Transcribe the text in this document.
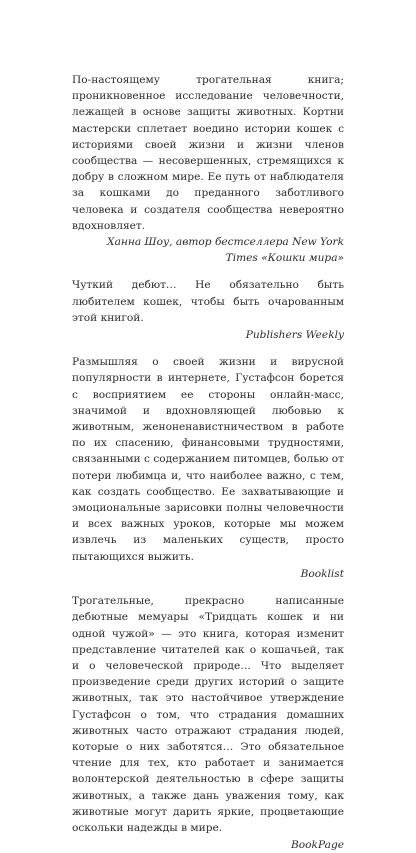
По-настоящему трогательная книга; проникновенное исследование человечности, лежащей в основе защиты животных. Кортни мастерски сплетает воедино истории кошек с историями своей жизни и жизни членов сообщества — несовершенных, стремящихся к добру в сложном мире. Ее путь от наблюдателя за кошками до преданного заботливого человека и создателя сообщества невероятно вдохновляет.

Ханна Шоу, автор бестселлера New York Times «Кошки мира»

Чуткий дебют… Не обязательно быть любителем кошек, чтобы быть очарованным этой книгой.

Publishers Weekly

Размышляя о своей жизни и вирусной популярности в интернете, Густафсон борется с восприятием ее стороны онлайн-масс, значимой и вдохновляющей любовью к животным, женоненавистничеством в работе по их спасению, финансовыми трудностями, связанными с содержанием питомцев, болью от потери любимца и, что наиболее важно, с тем, как создать сообщество. Ее захватывающие и эмоциональные зарисовки полны человечности и всех важных уроков, которые мы можем извлечь из маленьких существ, просто пытающихся выжить.

Booklist

Трогательные, прекрасно написанные дебютные мемуары «Тридцать кошек и ни одной чужой» — это книга, которая изменит представление читателей как о кошачьей, так и о человеческой природе… Что выделяет произведение среди других историй о защите животных, так это настойчивое утверждение Густафсон о том, что страдания домашних животных часто отражают страдания людей, которые о них заботятся… Это обязательное чтение для тех, кто работает и занимается волонтерской деятельностью в сфере защиты животных, а также дань уважения тому, как животные могут дарить яркие, процветающие оскольки надежды в мире.

BookPage
